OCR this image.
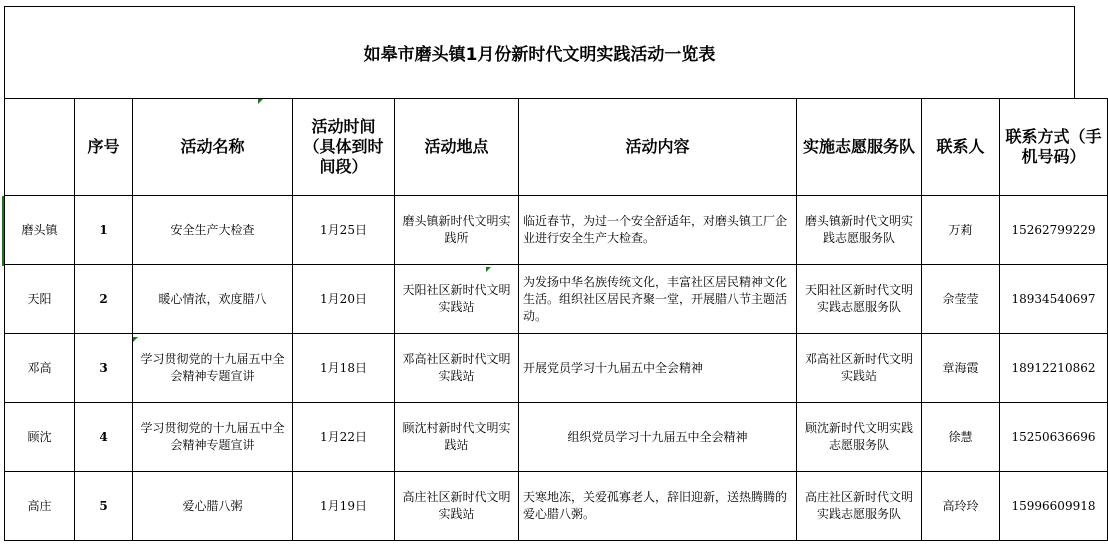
如皋市磨头镇1月份新时代文明实践活动一览表
	序号	活动名称	活动时间（具体到时间段）	活动地点	活动内容	实施志愿服务队	联系人	联系方式（手机号码）
磨头镇	1	安全生产大检查	1月25日	磨头镇新时代文明实践所	临近春节，为过一个安全舒适年，对磨头镇工厂企业进行安全生产大检查。	磨头镇新时代文明实践志愿服务队	万莉	15262799229
天阳	2	暖心情浓，欢度腊八	1月20日	天阳社区新时代文明实践站	为发扬中华名族传统文化，丰富社区居民精神文化生活。组织社区居民齐聚一堂，开展腊八节主题活动。	天阳社区新时代文明实践志愿服务队	佘莹莹	18934540697
邓高	3	学习贯彻党的十九届五中全会精神专题宣讲	1月18日	邓高社区新时代文明实践站	开展党员学习十九届五中全会精神	邓高社区新时代文明实践站	章海霞	18912210862
顾沈	4	学习贯彻党的十九届五中全会精神专题宣讲	1月22日	顾沈村新时代文明实践站	组织党员学习十九届五中全会精神	顾沈新时代文明实践志愿服务队	徐慧	15250636696
高庄	5	爱心腊八粥	1月19日	高庄社区新时代文明实践站	天寒地冻，关爱孤寡老人，辞旧迎新，送热腾腾的爱心腊八粥。	高庄社区新时代文明实践志愿服务队	高玲玲	15996609918
